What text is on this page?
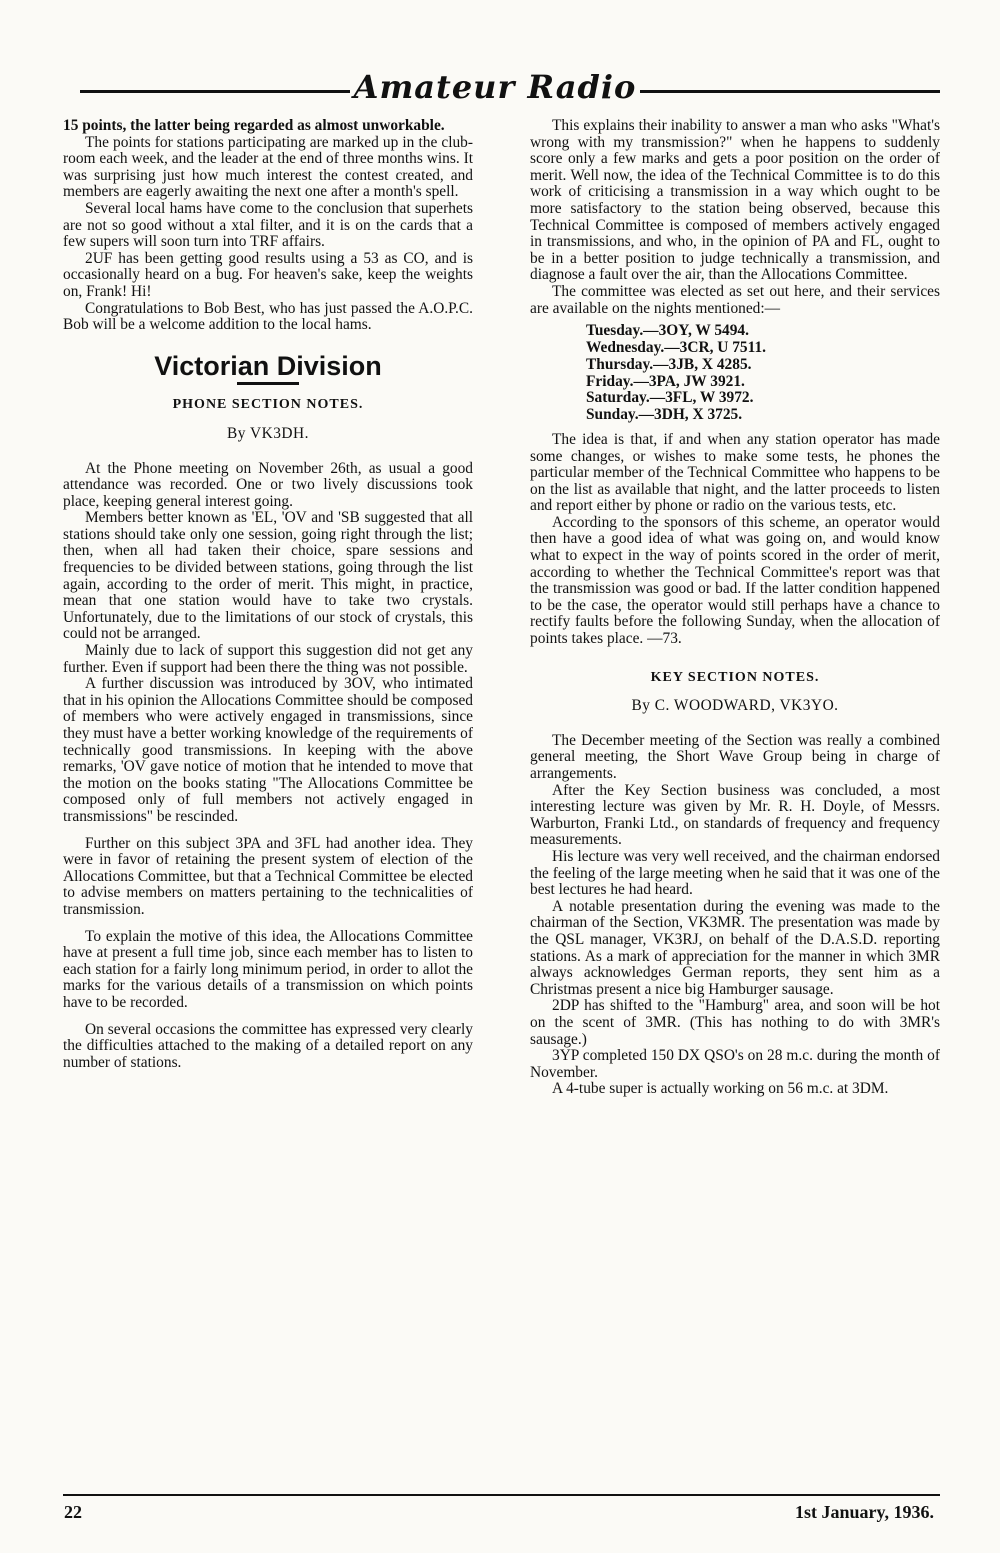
Amateur Radio

15 points, the latter being regarded as almost unworkable.

The points for stations participating are marked up in the club-room each week, and the leader at the end of three months wins. It was surprising just how much interest the contest created, and members are eagerly awaiting the next one after a month's spell.

Several local hams have come to the conclusion that superhets are not so good without a xtal filter, and it is on the cards that a few supers will soon turn into TRF affairs.

2UF has been getting good results using a 53 as CO, and is occasionally heard on a bug. For heaven's sake, keep the weights on, Frank! Hi!

Congratulations to Bob Best, who has just passed the A.O.P.C. Bob will be a welcome addition to the local hams.

Victorian Division
PHONE SECTION NOTES.
By VK3DH.

At the Phone meeting on November 26th, as usual a good attendance was recorded. One or two lively discussions took place, keeping general interest going.

Members better known as 'EL, 'OV and 'SB suggested that all stations should take only one session, going right through the list; then, when all had taken their choice, spare sessions and frequencies to be divided between stations, going through the list again, according to the order of merit. This might, in practice, mean that one station would have to take two crystals. Unfortunately, due to the limitations of our stock of crystals, this could not be arranged.

Mainly due to lack of support this suggestion did not get any further. Even if support had been there the thing was not possible.

A further discussion was introduced by 3OV, who intimated that in his opinion the Allocations Committee should be composed of members who were actively engaged in transmissions, since they must have a better working knowledge of the requirements of technically good transmissions. In keeping with the above remarks, 'OV gave notice of motion that he intended to move that the motion on the books stating "The Allocations Committee be composed only of full members not actively engaged in transmissions" be rescinded.

Further on this subject 3PA and 3FL had another idea. They were in favor of retaining the present system of election of the Allocations Committee, but that a Technical Committee be elected to advise members on matters pertaining to the technicalities of transmission.

To explain the motive of this idea, the Allocations Committee have at present a full time job, since each member has to listen to each station for a fairly long minimum period, in order to allot the marks for the various details of a transmission on which points have to be recorded.

On several occasions the committee has expressed very clearly the difficulties attached to the making of a detailed report on any number of stations.

This explains their inability to answer a man who asks "What's wrong with my transmission?" when he happens to suddenly score only a few marks and gets a poor position on the order of merit. Well now, the idea of the Technical Committee is to do this work of criticising a transmission in a way which ought to be more satisfactory to the station being observed, because this Technical Committee is composed of members actively engaged in transmissions, and who, in the opinion of PA and FL, ought to be in a better position to judge technically a transmission, and diagnose a fault over the air, than the Allocations Committee.

The committee was elected as set out here, and their services are available on the nights mentioned:—

Tuesday.—3OY, W 5494.
Wednesday.—3CR, U 7511.
Thursday.—3JB, X 4285.
Friday.—3PA, JW 3921.
Saturday.—3FL, W 3972.
Sunday.—3DH, X 3725.

The idea is that, if and when any station operator has made some changes, or wishes to make some tests, he phones the particular member of the Technical Committee who happens to be on the list as available that night, and the latter proceeds to listen and report either by phone or radio on the various tests, etc.

According to the sponsors of this scheme, an operator would then have a good idea of what was going on, and would know what to expect in the way of points scored in the order of merit, according to whether the Technical Committee's report was that the transmission was good or bad. If the latter condition happened to be the case, the operator would still perhaps have a chance to rectify faults before the following Sunday, when the allocation of points takes place. —73.

KEY SECTION NOTES.
By C. WOODWARD, VK3YO.

The December meeting of the Section was really a combined general meeting, the Short Wave Group being in charge of arrangements.

After the Key Section business was concluded, a most interesting lecture was given by Mr. R. H. Doyle, of Messrs. Warburton, Franki Ltd., on standards of frequency and frequency measurements.

His lecture was very well received, and the chairman endorsed the feeling of the large meeting when he said that it was one of the best lectures he had heard.

A notable presentation during the evening was made to the chairman of the Section, VK3MR. The presentation was made by the QSL manager, VK3RJ, on behalf of the D.A.S.D. reporting stations. As a mark of appreciation for the manner in which 3MR always acknowledges German reports, they sent him as a Christmas present a nice big Hamburger sausage.

2DP has shifted to the "Hamburg" area, and soon will be hot on the scent of 3MR. (This has nothing to do with 3MR's sausage.)

3YP completed 150 DX QSO's on 28 m.c. during the month of November.

A 4-tube super is actually working on 56 m.c. at 3DM.

22	1st January, 1936.
